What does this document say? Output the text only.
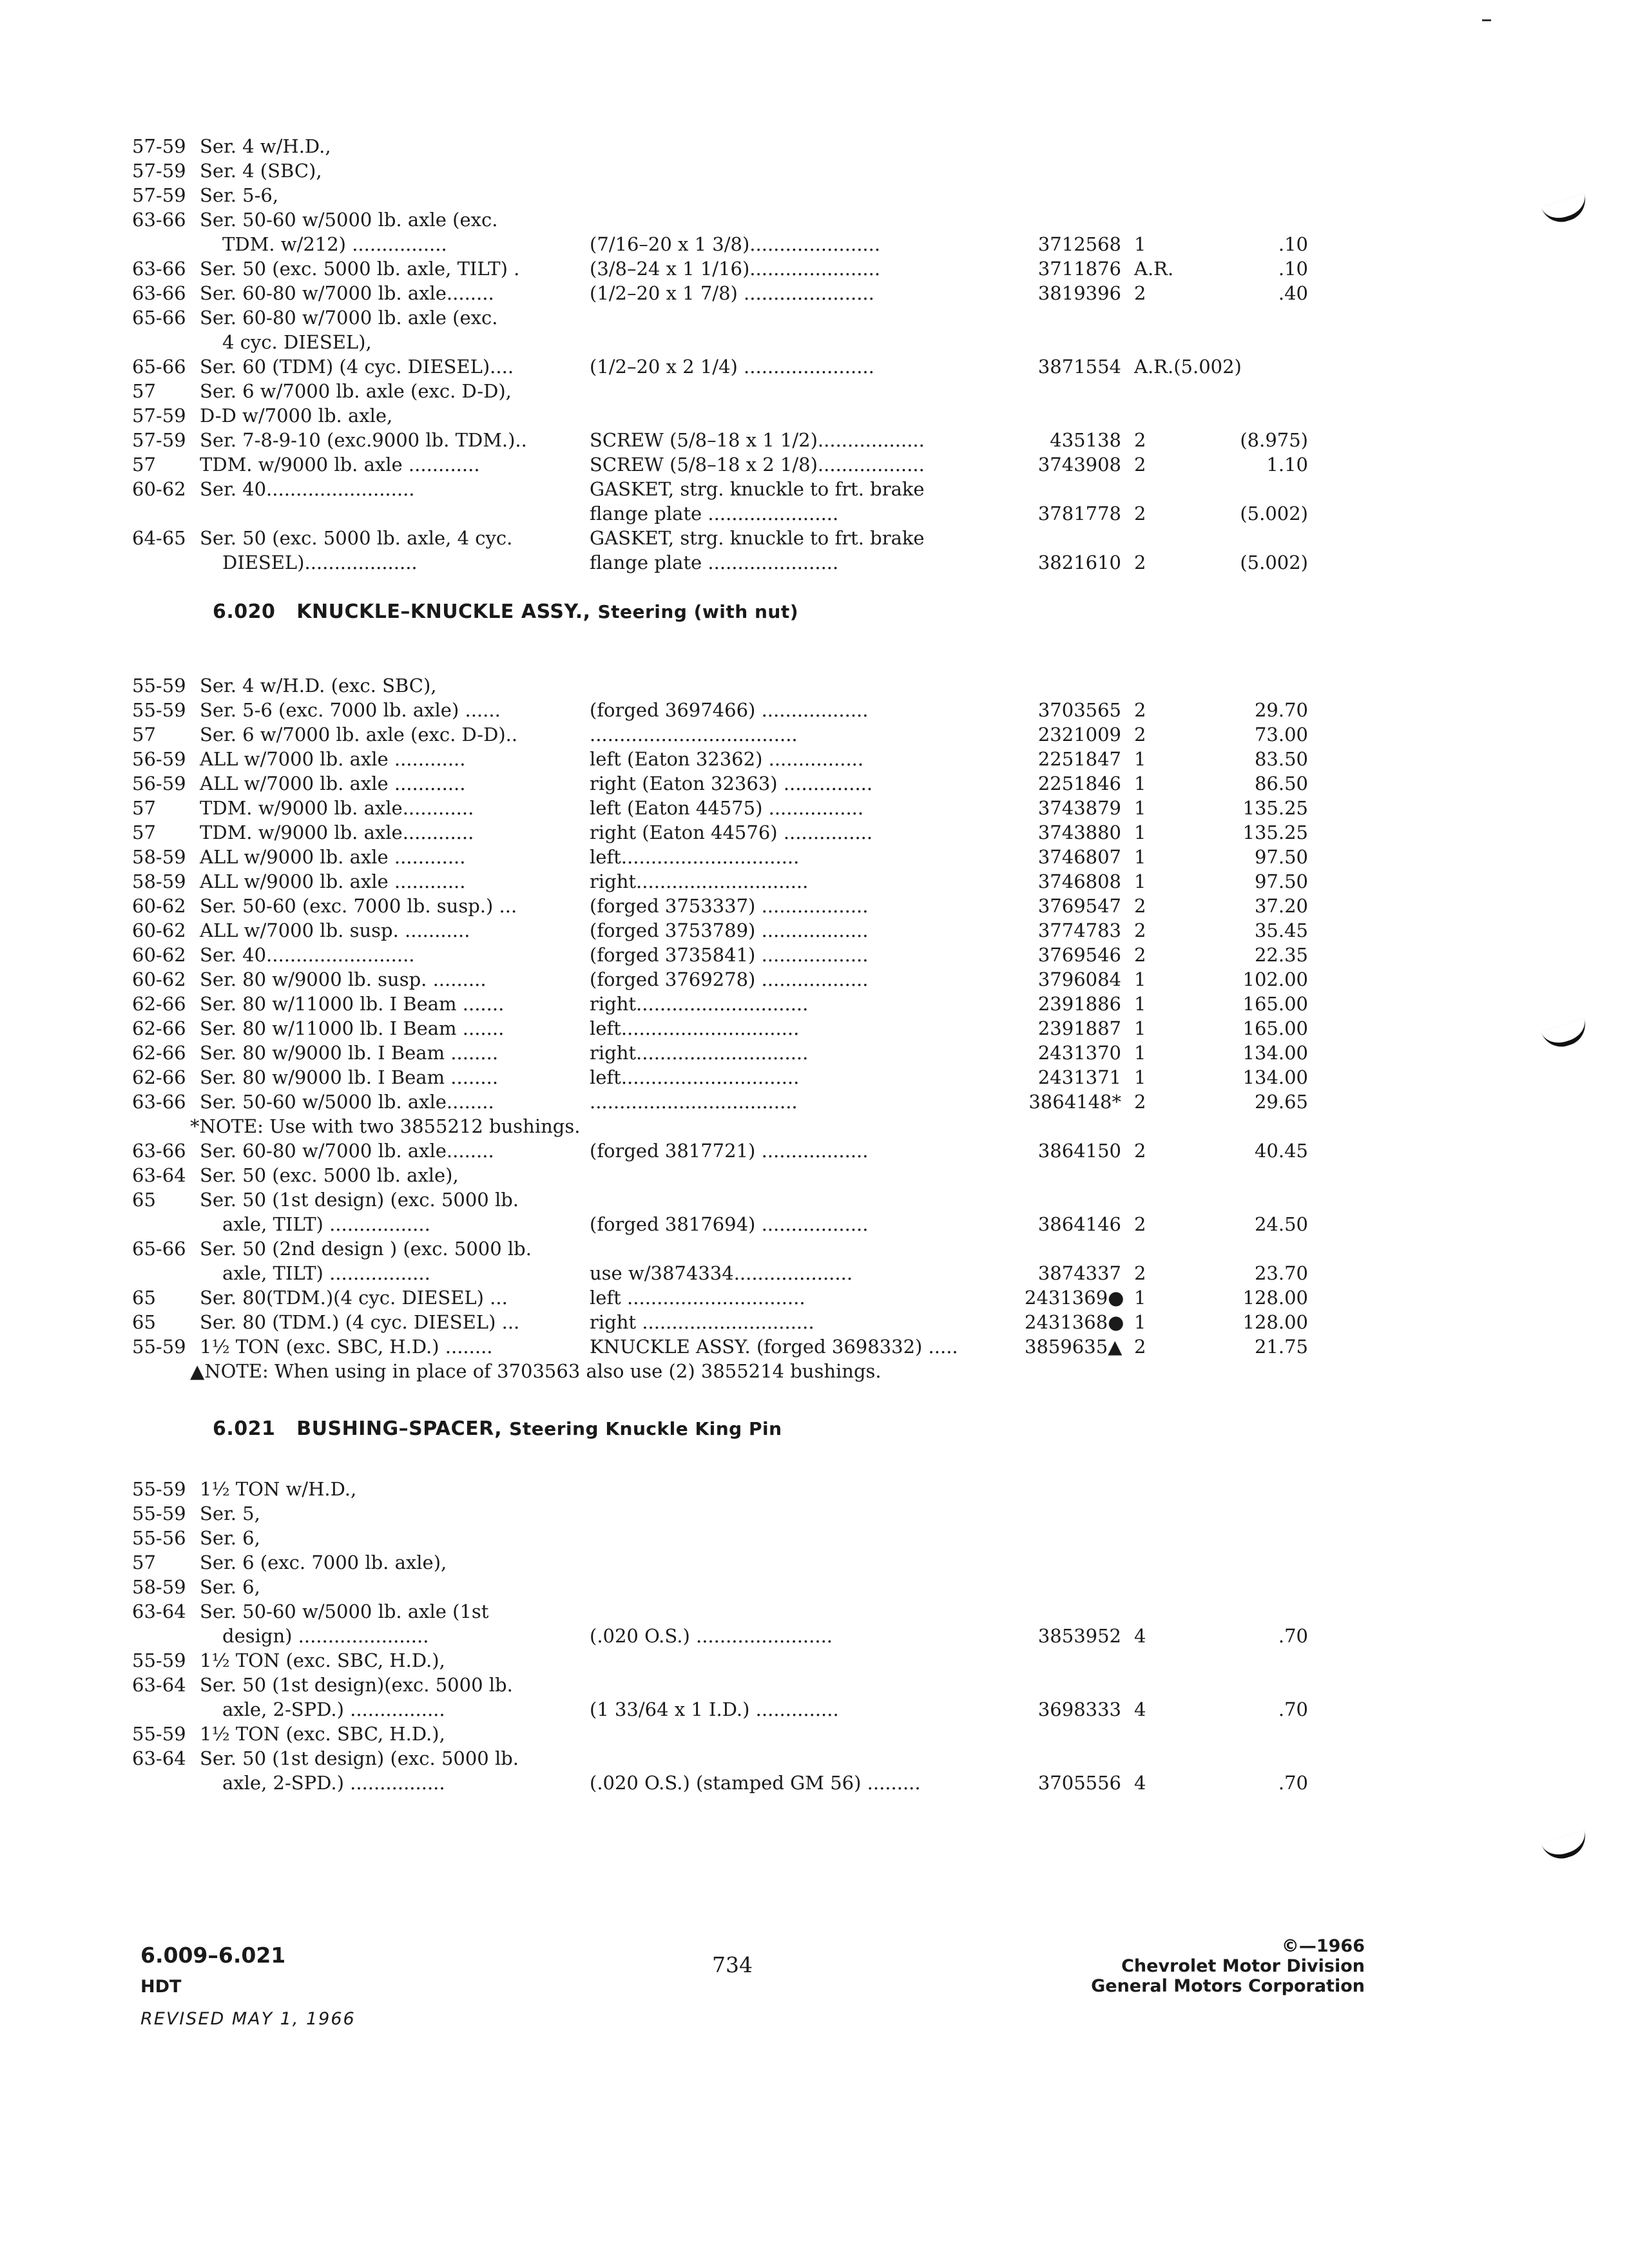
57-59 Ser. 4 w/H.D.,
57-59 Ser. 4 (SBC),
57-59 Ser. 5-6,
63-66 Ser. 50-60 w/5000 lb. axle (exc.
TDM. w/212) ................	(7/16–20 x 1 3/8)......................	3712568 1	.10
63-66 Ser. 50 (exc. 5000 lb. axle, TILT) .	(3/8–24 x 1 1/16)......................	3711876 A.R.	.10
63-66 Ser. 60-80 w/7000 lb. axle........	(1/2–20 x 1 7/8) ......................	3819396 2	.40
65-66 Ser. 60-80 w/7000 lb. axle (exc.
4 cyc. DIESEL),
65-66 Ser. 60 (TDM) (4 cyc. DIESEL)....	(1/2–20 x 2 1/4) ......................	3871554 A.R.(5.002)
57 Ser. 6 w/7000 lb. axle (exc. D-D),
57-59 D-D w/7000 lb. axle,
57-59 Ser. 7-8-9-10 (exc.9000 lb. TDM.)..	SCREW (5/8–18 x 1 1/2)..................	435138 2	(8.975)
57 TDM. w/9000 lb. axle ............	SCREW (5/8–18 x 2 1/8)..................	3743908 2	1.10
60-62 Ser. 40.........................	GASKET, strg. knuckle to frt. brake
flange plate ......................	3781778 2	(5.002)
64-65 Ser. 50 (exc. 5000 lb. axle, 4 cyc.	GASKET, strg. knuckle to frt. brake
DIESEL)...................	flange plate ......................	3821610 2	(5.002)
6.020 KNUCKLE–KNUCKLE ASSY., Steering (with nut)
55-59 Ser. 4 w/H.D. (exc. SBC),
55-59 Ser. 5-6 (exc. 7000 lb. axle) ......	(forged 3697466) ..................	3703565 2	29.70
57 Ser. 6 w/7000 lb. axle (exc. D-D)..	...................................	2321009 2	73.00
56-59 ALL w/7000 lb. axle ............	left (Eaton 32362) ................	2251847 1	83.50
56-59 ALL w/7000 lb. axle ............	right (Eaton 32363) ...............	2251846 1	86.50
57 TDM. w/9000 lb. axle............	left (Eaton 44575) ................	3743879 1	135.25
57 TDM. w/9000 lb. axle............	right (Eaton 44576) ...............	3743880 1	135.25
58-59 ALL w/9000 lb. axle ............	left..............................	3746807 1	97.50
58-59 ALL w/9000 lb. axle ............	right.............................	3746808 1	97.50
60-62 Ser. 50-60 (exc. 7000 lb. susp.) ...	(forged 3753337) ..................	3769547 2	37.20
60-62 ALL w/7000 lb. susp. ...........	(forged 3753789) ..................	3774783 2	35.45
60-62 Ser. 40.........................	(forged 3735841) ..................	3769546 2	22.35
60-62 Ser. 80 w/9000 lb. susp. .........	(forged 3769278) ..................	3796084 1	102.00
62-66 Ser. 80 w/11000 lb. I Beam .......	right.............................	2391886 1	165.00
62-66 Ser. 80 w/11000 lb. I Beam .......	left..............................	2391887 1	165.00
62-66 Ser. 80 w/9000 lb. I Beam ........	right.............................	2431370 1	134.00
62-66 Ser. 80 w/9000 lb. I Beam ........	left..............................	2431371 1	134.00
63-66 Ser. 50-60 w/5000 lb. axle........	...................................	3864148* 2	29.65
*NOTE: Use with two 3855212 bushings.
63-66 Ser. 60-80 w/7000 lb. axle........	(forged 3817721) ..................	3864150 2	40.45
63-64 Ser. 50 (exc. 5000 lb. axle),
65 Ser. 50 (1st design) (exc. 5000 lb.
axle, TILT) .................	(forged 3817694) ..................	3864146 2	24.50
65-66 Ser. 50 (2nd design ) (exc. 5000 lb.
axle, TILT) .................	use w/3874334....................	3874337 2	23.70
65 Ser. 80(TDM.)(4 cyc. DIESEL) ...	left ..............................	2431369● 1	128.00
65 Ser. 80 (TDM.) (4 cyc. DIESEL) ...	right .............................	2431368● 1	128.00
55-59 1½ TON (exc. SBC, H.D.) ........	KNUCKLE ASSY. (forged 3698332) .....	3859635▲ 2	21.75
▲NOTE: When using in place of 3703563 also use (2) 3855214 bushings.
6.021 BUSHING–SPACER, Steering Knuckle King Pin
55-59 1½ TON w/H.D.,
55-59 Ser. 5,
55-56 Ser. 6,
57 Ser. 6 (exc. 7000 lb. axle),
58-59 Ser. 6,
63-64 Ser. 50-60 w/5000 lb. axle (1st
design) ......................	(.020 O.S.) .......................	3853952 4	.70
55-59 1½ TON (exc. SBC, H.D.),
63-64 Ser. 50 (1st design)(exc. 5000 lb.
axle, 2-SPD.) ................	(1 33/64 x 1 I.D.) ..............	3698333 4	.70
55-59 1½ TON (exc. SBC, H.D.),
63-64 Ser. 50 (1st design) (exc. 5000 lb.
axle, 2-SPD.) ................	(.020 O.S.) (stamped GM 56) .........	3705556 4	.70
6.009–6.021
HDT
REVISED MAY 1, 1966
734
©—1966
Chevrolet Motor Division
General Motors Corporation
